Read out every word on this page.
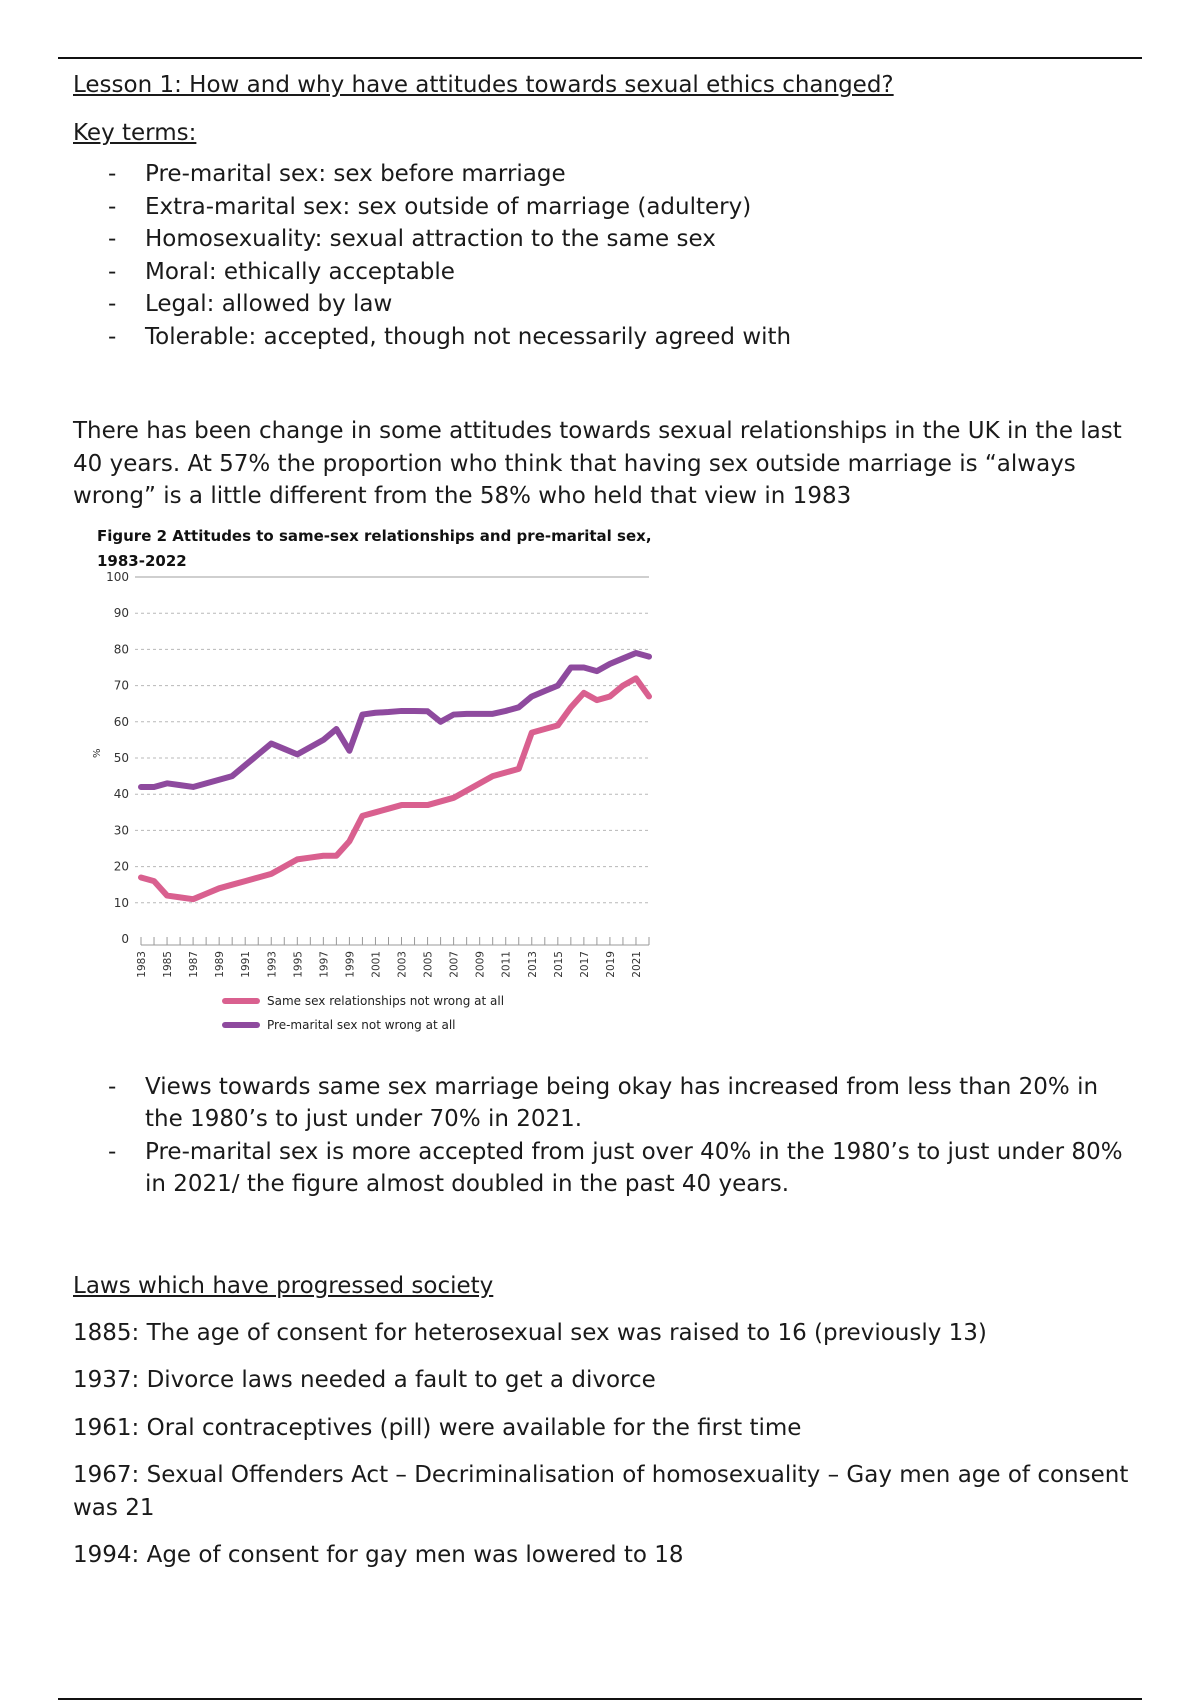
Lesson 1: How and why have attitudes towards sexual ethics changed?

Key terms:

- Pre-marital sex: sex before marriage
- Extra-marital sex: sex outside of marriage (adultery)
- Homosexuality: sexual attraction to the same sex
- Moral: ethically acceptable
- Legal: allowed by law
- Tolerable: accepted, though not necessarily agreed with

There has been change in some attitudes towards sexual relationships in the UK in the last 40 years. At 57% the proportion who think that having sex outside marriage is “always wrong” is a little different from the 58% who held that view in 1983

Figure 2 Attitudes to same-sex relationships and pre-marital sex,
1983-2022
0
10
20
30
40
50
60
70
80
90
100
%
1983 1985 1987 1989 1991 1993 1995 1997 1999 2001 2003 2005 2007 2009 2011 2013 2015 2017 2019 2021
Same sex relationships not wrong at all
Pre-marital sex not wrong at all
- Views towards same sex marriage being okay has increased from less than 20% in the 1980’s to just under 70% in 2021.
- Pre-marital sex is more accepted from just over 40% in the 1980’s to just under 80% in 2021/ the figure almost doubled in the past 40 years.

Laws which have progressed society

1885: The age of consent for heterosexual sex was raised to 16 (previously 13)

1937: Divorce laws needed a fault to get a divorce

1961: Oral contraceptives (pill) were available for the first time

1967: Sexual Offenders Act – Decriminalisation of homosexuality – Gay men age of consent was 21

1994: Age of consent for gay men was lowered to 18
